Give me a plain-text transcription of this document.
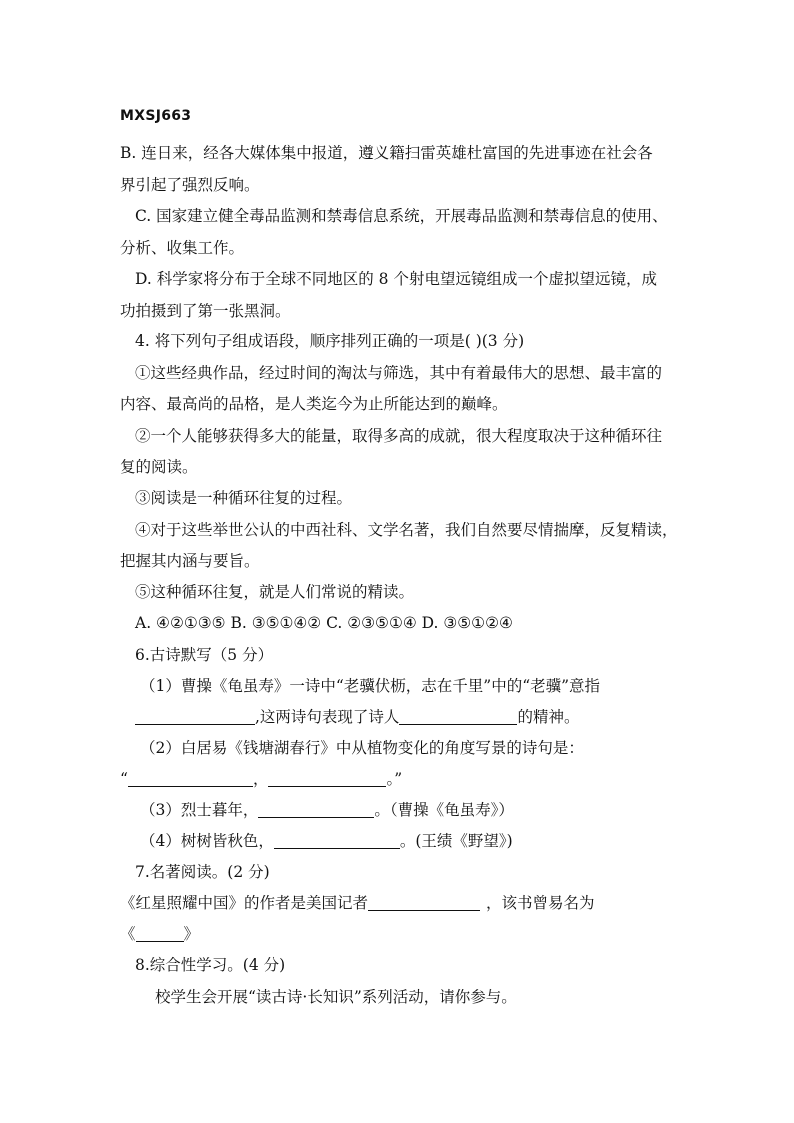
MXSJ663
B. 连日来，经各大媒体集中报道，遵义籍扫雷英雄杜富国的先进事迹在社会各
界引起了强烈反响。
C. 国家建立健全毒品监测和禁毒信息系统，开展毒品监测和禁毒信息的使用、
分析、收集工作。
D. 科学家将分布于全球不同地区的 8 个射电望远镜组成一个虚拟望远镜，成
功拍摄到了第一张黑洞。
4. 将下列句子组成语段，顺序排列正确的一项是( )(3 分)
①这些经典作品，经过时间的淘汰与筛选，其中有着最伟大的思想、最丰富的
内容、最高尚的品格，是人类迄今为止所能达到的巅峰。
②一个人能够获得多大的能量，取得多高的成就，很大程度取决于这种循环往
复的阅读。
③阅读是一种循环往复的过程。
④对于这些举世公认的中西社科、文学名著，我们自然要尽情揣摩，反复精读，
把握其内涵与要旨。
⑤这种循环往复，就是人们常说的精读。
A. ④②①③⑤ B. ③⑤①④② C. ②③⑤①④ D. ③⑤①②④
6.古诗默写（5 分）
（1）曹操《龟虽寿》一诗中“老骥伏枥，志在千里”中的“老骥”意指
,这两诗句表现了诗人	的精神。
（2）白居易《钱塘湖春行》中从植物变化的角度写景的诗句是：
“	，	。”
（3）烈士暮年，	。（曹操《龟虽寿》）
（4）树树皆秋色，	。(王绩《野望》)
7.名著阅读。(2 分)
《红星照耀中国》的作者是美国记者	，该书曾易名为
《	》
8.综合性学习。(4 分)
校学生会开展“读古诗·长知识”系列活动，请你参与。
